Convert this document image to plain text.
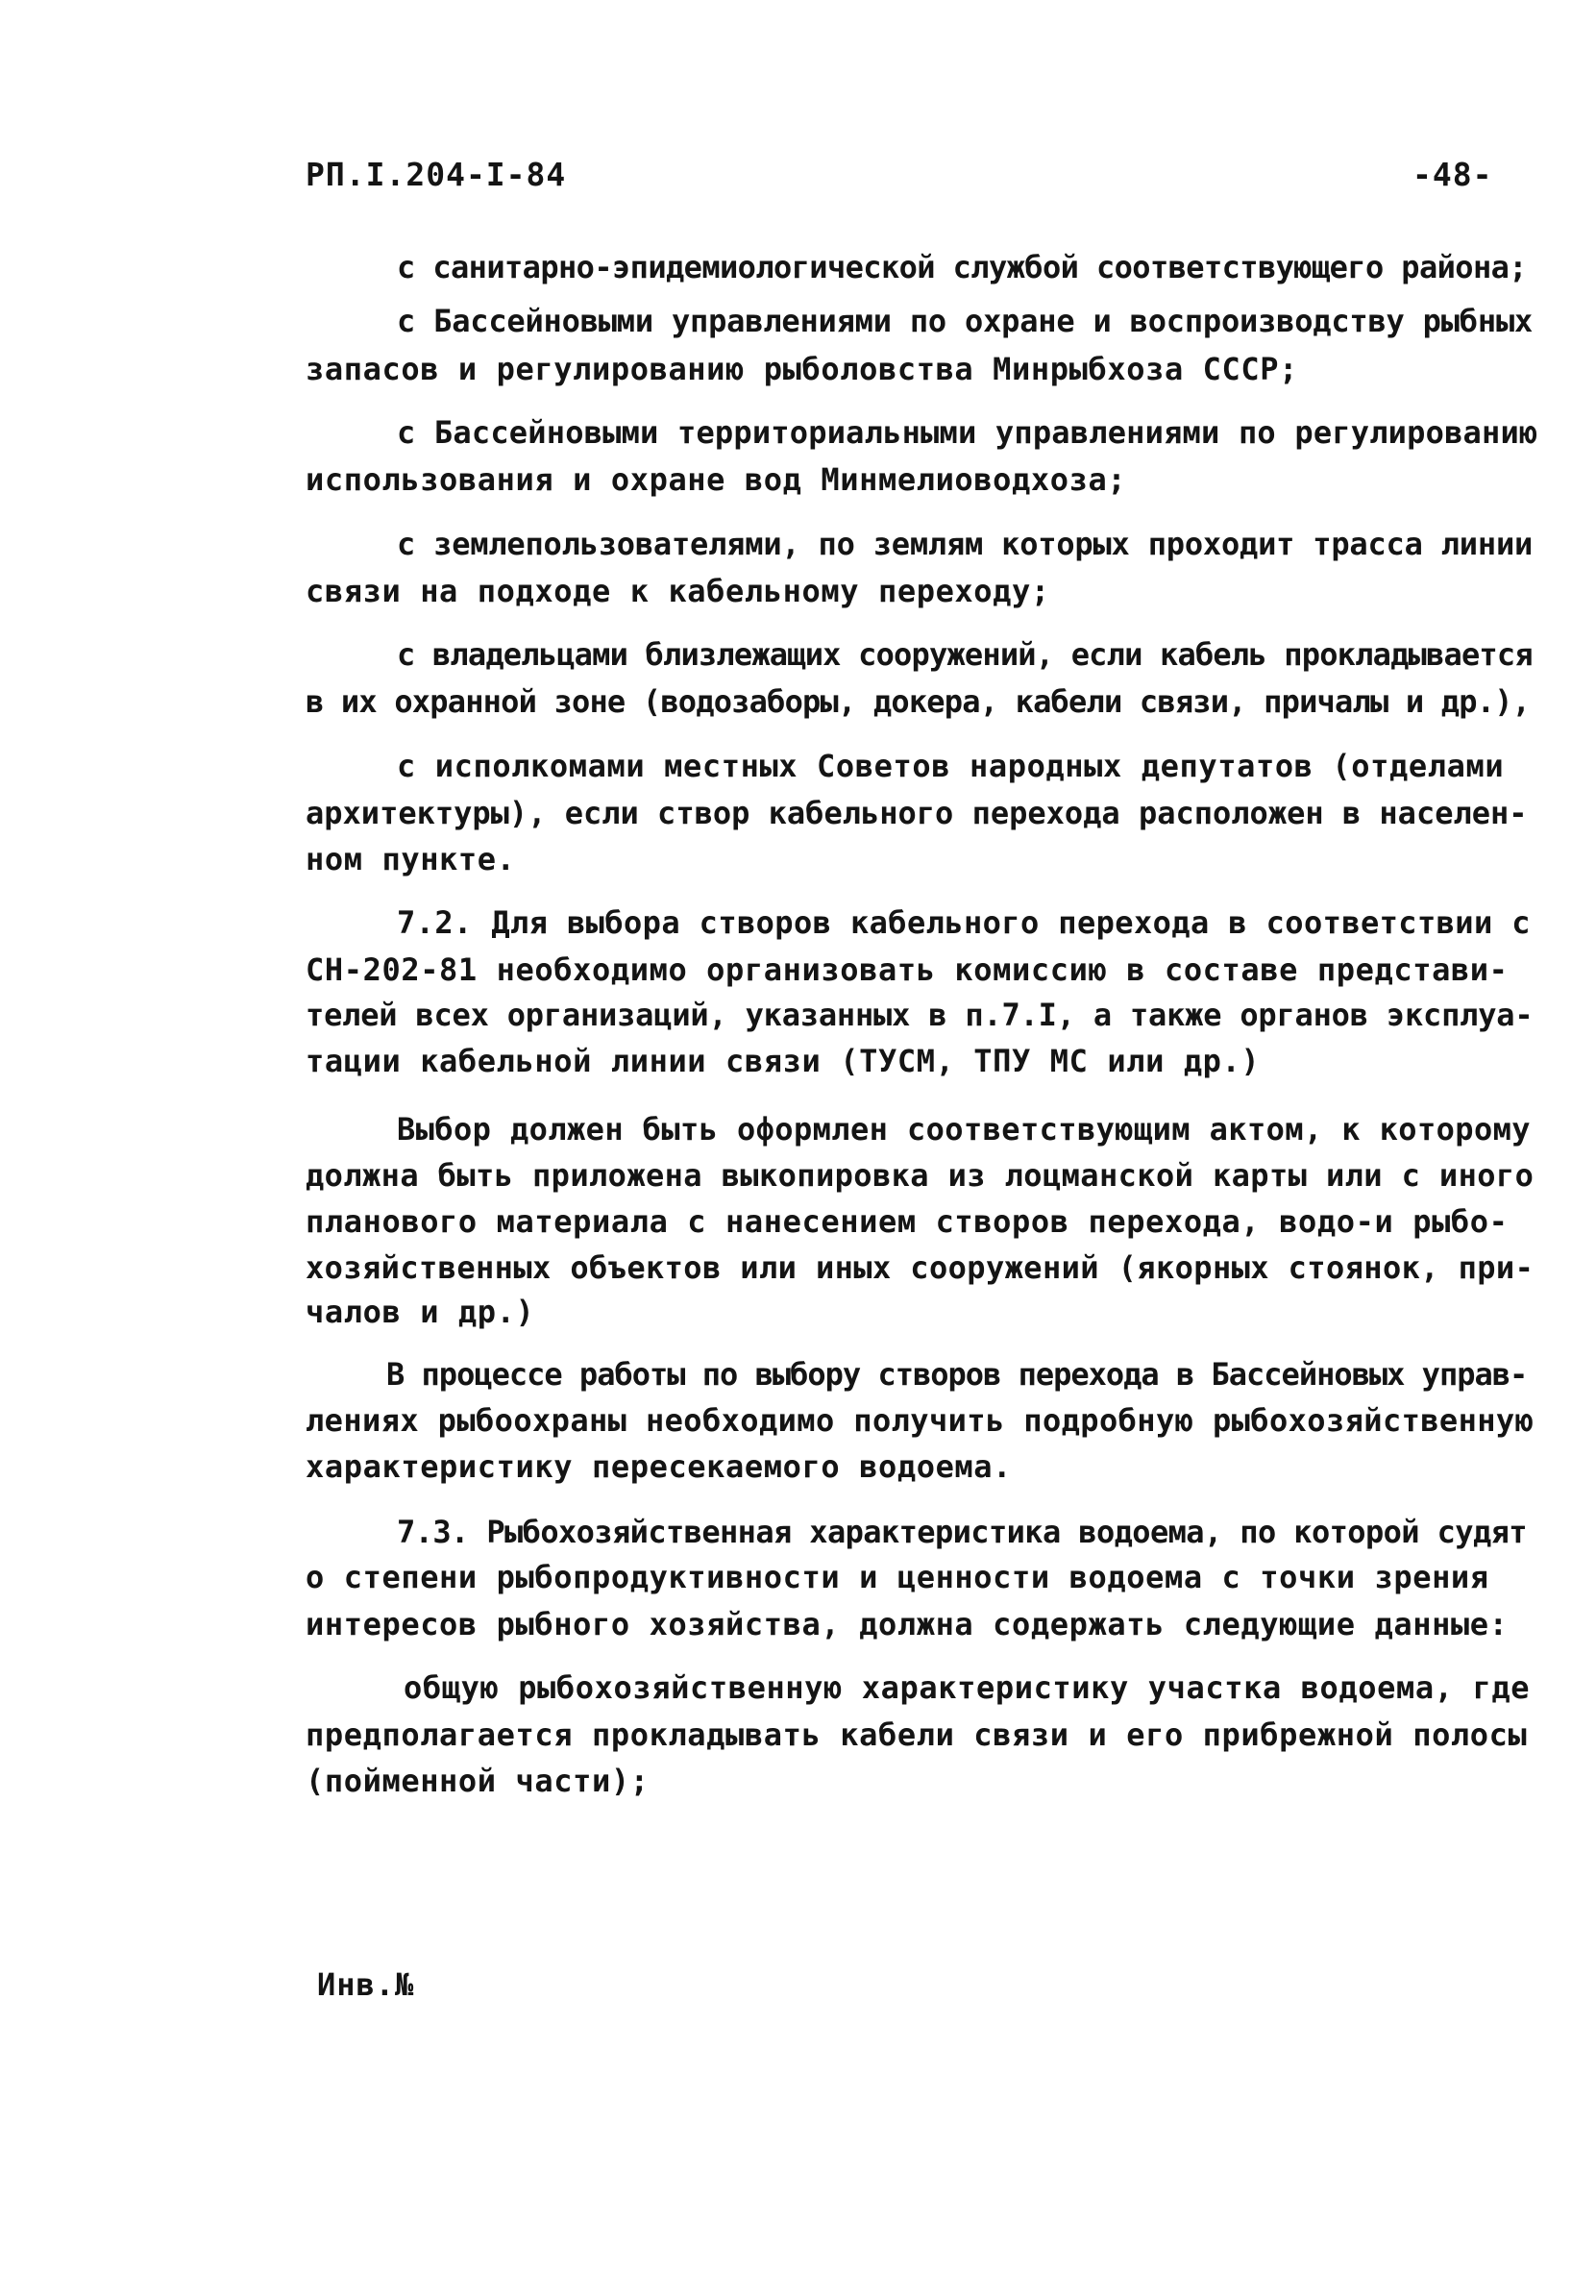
РП.I.204-I-84	-48-
с санитарно-эпидемиологической службой соответствующего района;
с Бассейновыми управлениями по охране и воспроизводству рыбных
запасов и регулированию рыболовства Минрыбхоза СССР;
с Бассейновыми территориальными управлениями по регулированию
использования и охране вод Минмелиоводхоза;
с землепользователями, по землям которых проходит трасса линии
связи на подходе к кабельному переходу;
с владельцами близлежащих сооружений, если кабель прокладывается
в их охранной зоне (водозаборы, докера, кабели связи, причалы и др.),
с исполкомами местных Советов народных депутатов (отделами
архитектуры), если створ кабельного перехода расположен в населен-
ном пункте.
7.2. Для выбора створов кабельного перехода в соответствии с
СН-202-81 необходимо организовать комиссию в составе представи-
телей всех организаций, указанных в п.7.I, а также органов эксплуа-
тации кабельной линии связи (ТУСМ, ТПУ МС или др.)
Выбор должен быть оформлен соответствующим актом, к которому
должна быть приложена выкопировка из лоцманской карты или с иного
планового материала с нанесением створов перехода, водо-и рыбо-
хозяйственных объектов или иных сооружений (якорных стоянок, при-
чалов и др.)
В процессе работы по выбору створов перехода в Бассейновых управ-
лениях рыбоохраны необходимо получить подробную рыбохозяйственную
характеристику пересекаемого водоема.
7.3. Рыбохозяйственная характеристика водоема, по которой судят
о степени рыбопродуктивности и ценности водоема с точки зрения
интересов рыбного хозяйства, должна содержать следующие данные:
общую рыбохозяйственную характеристику участка водоема, где
предполагается прокладывать кабели связи и его прибрежной полосы
(пойменной части);
Инв.№
